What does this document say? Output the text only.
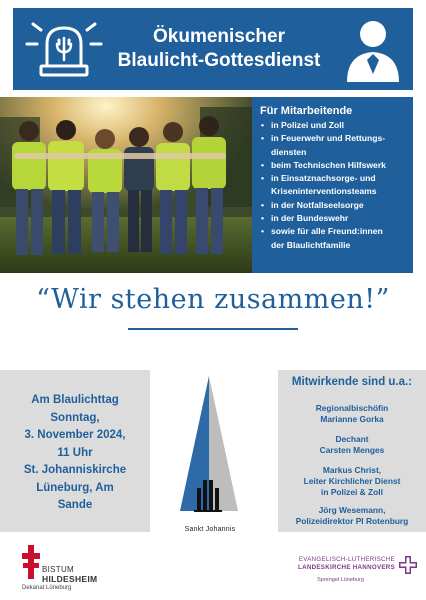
Ökumenischer
Blaulicht-Gottesdienst
Für Mitarbeitende
• in Polizei und Zoll
• in Feuerwehr und Rettungs-
diensten
• beim Technischen Hilfswerk
• in Einsatznachsorge- und
Kriseninterventionsteams
• in der Notfallseelsorge
• in der Bundeswehr
• sowie für alle Freund:innen
der Blaulichtfamilie
“Wir stehen zusammen!”
Am Blaulichttag
Sonntag,
3. November 2024,
11 Uhr
St. Johanniskirche
Lüneburg, Am
Sande
Sankt Johannis
Mitwirkende sind u.a.:
Regionalbischöfin
Marianne Gorka
Dechant
Carsten Menges
Markus Christ,
Leiter Kirchlicher Dienst
in Polizei & Zoll
Jörg Wesemann,
Polizeidirektor PI Rotenburg
BISTUM
HILDESHEIM
Dekanat Lüneburg
EVANGELISCH-LUTHERISCHE
LANDESKIRCHE HANNOVERS
Sprengel Lüneburg
